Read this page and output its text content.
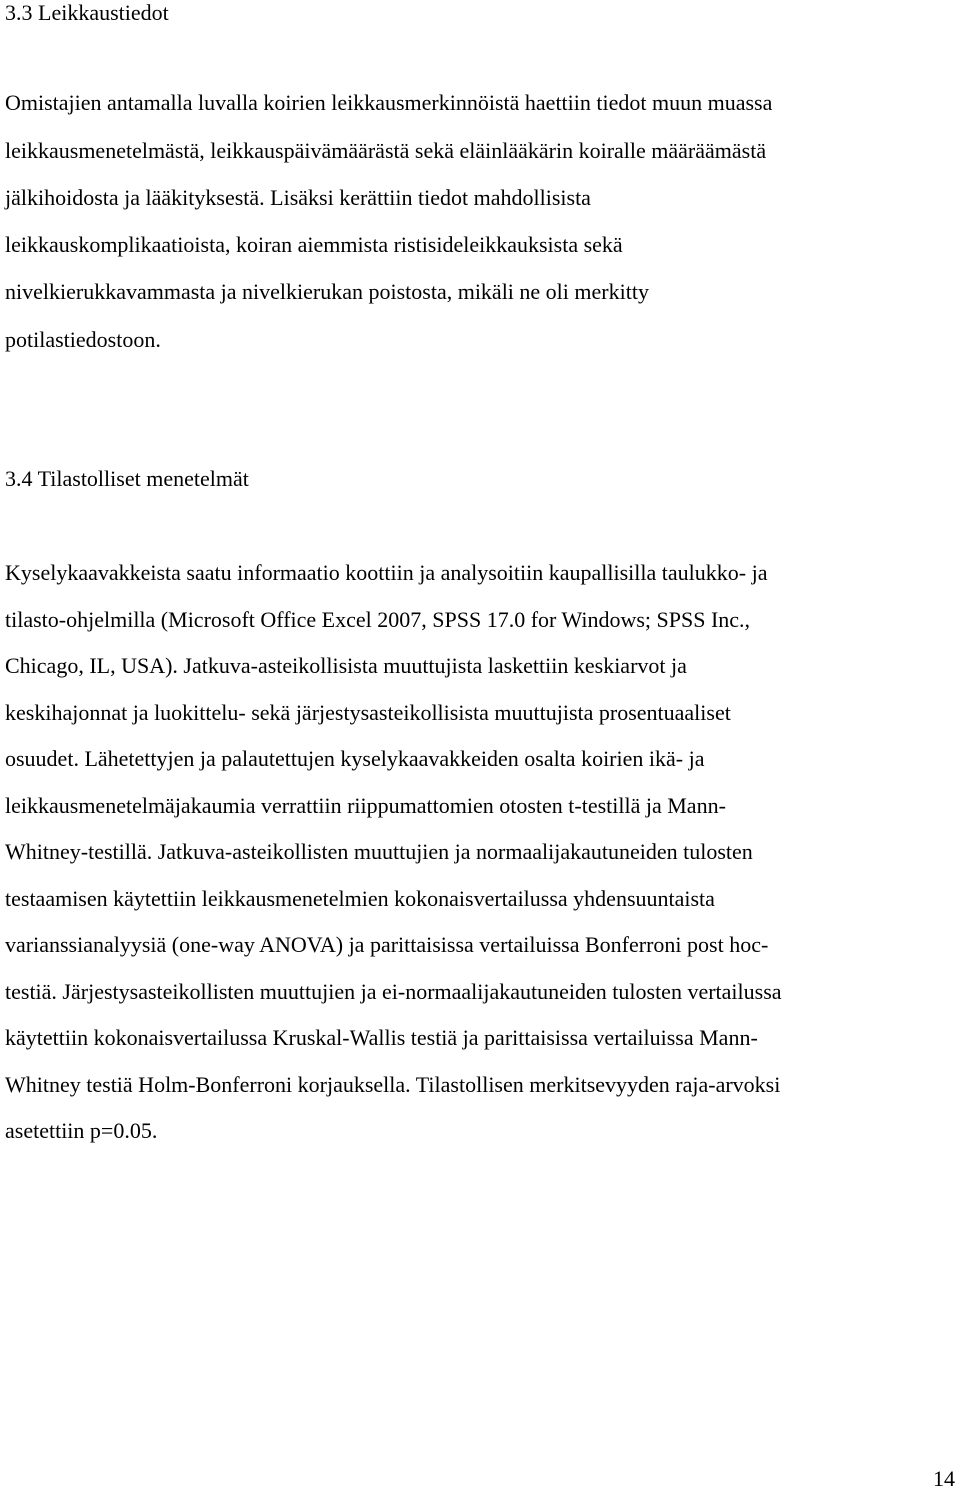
3.3 Leikkaustiedot
Omistajien antamalla luvalla koirien leikkausmerkinnöistä haettiin tiedot muun muassa
leikkausmenetelmästä, leikkauspäivämäärästä sekä eläinlääkärin koiralle määräämästä
jälkihoidosta ja lääkityksestä. Lisäksi kerättiin tiedot mahdollisista
leikkauskomplikaatioista, koiran aiemmista ristisideleikkauksista sekä
nivelkierukkavammasta ja nivelkierukan poistosta, mikäli ne oli merkitty
potilastiedostoon.
3.4 Tilastolliset menetelmät
Kyselykaavakkeista saatu informaatio koottiin ja analysoitiin kaupallisilla taulukko- ja
tilasto-ohjelmilla (Microsoft Office Excel 2007, SPSS 17.0 for Windows; SPSS Inc.,
Chicago, IL, USA). Jatkuva-asteikollisista muuttujista laskettiin keskiarvot ja
keskihajonnat ja luokittelu- sekä järjestysasteikollisista muuttujista prosentuaaliset
osuudet. Lähetettyjen ja palautettujen kyselykaavakkeiden osalta koirien ikä- ja
leikkausmenetelmäjakaumia verrattiin riippumattomien otosten t-testillä ja Mann-
Whitney-testillä. Jatkuva-asteikollisten muuttujien ja normaalijakautuneiden tulosten
testaamisen käytettiin leikkausmenetelmien kokonaisvertailussa yhdensuuntaista
varianssianalyysiä (one-way ANOVA) ja parittaisissa vertailuissa Bonferroni post hoc-
testiä. Järjestysasteikollisten muuttujien ja ei-normaalijakautuneiden tulosten vertailussa
käytettiin kokonaisvertailussa Kruskal-Wallis testiä ja parittaisissa vertailuissa Mann-
Whitney testiä Holm-Bonferroni korjauksella. Tilastollisen merkitsevyyden raja-arvoksi
asetettiin p=0.05.
14
